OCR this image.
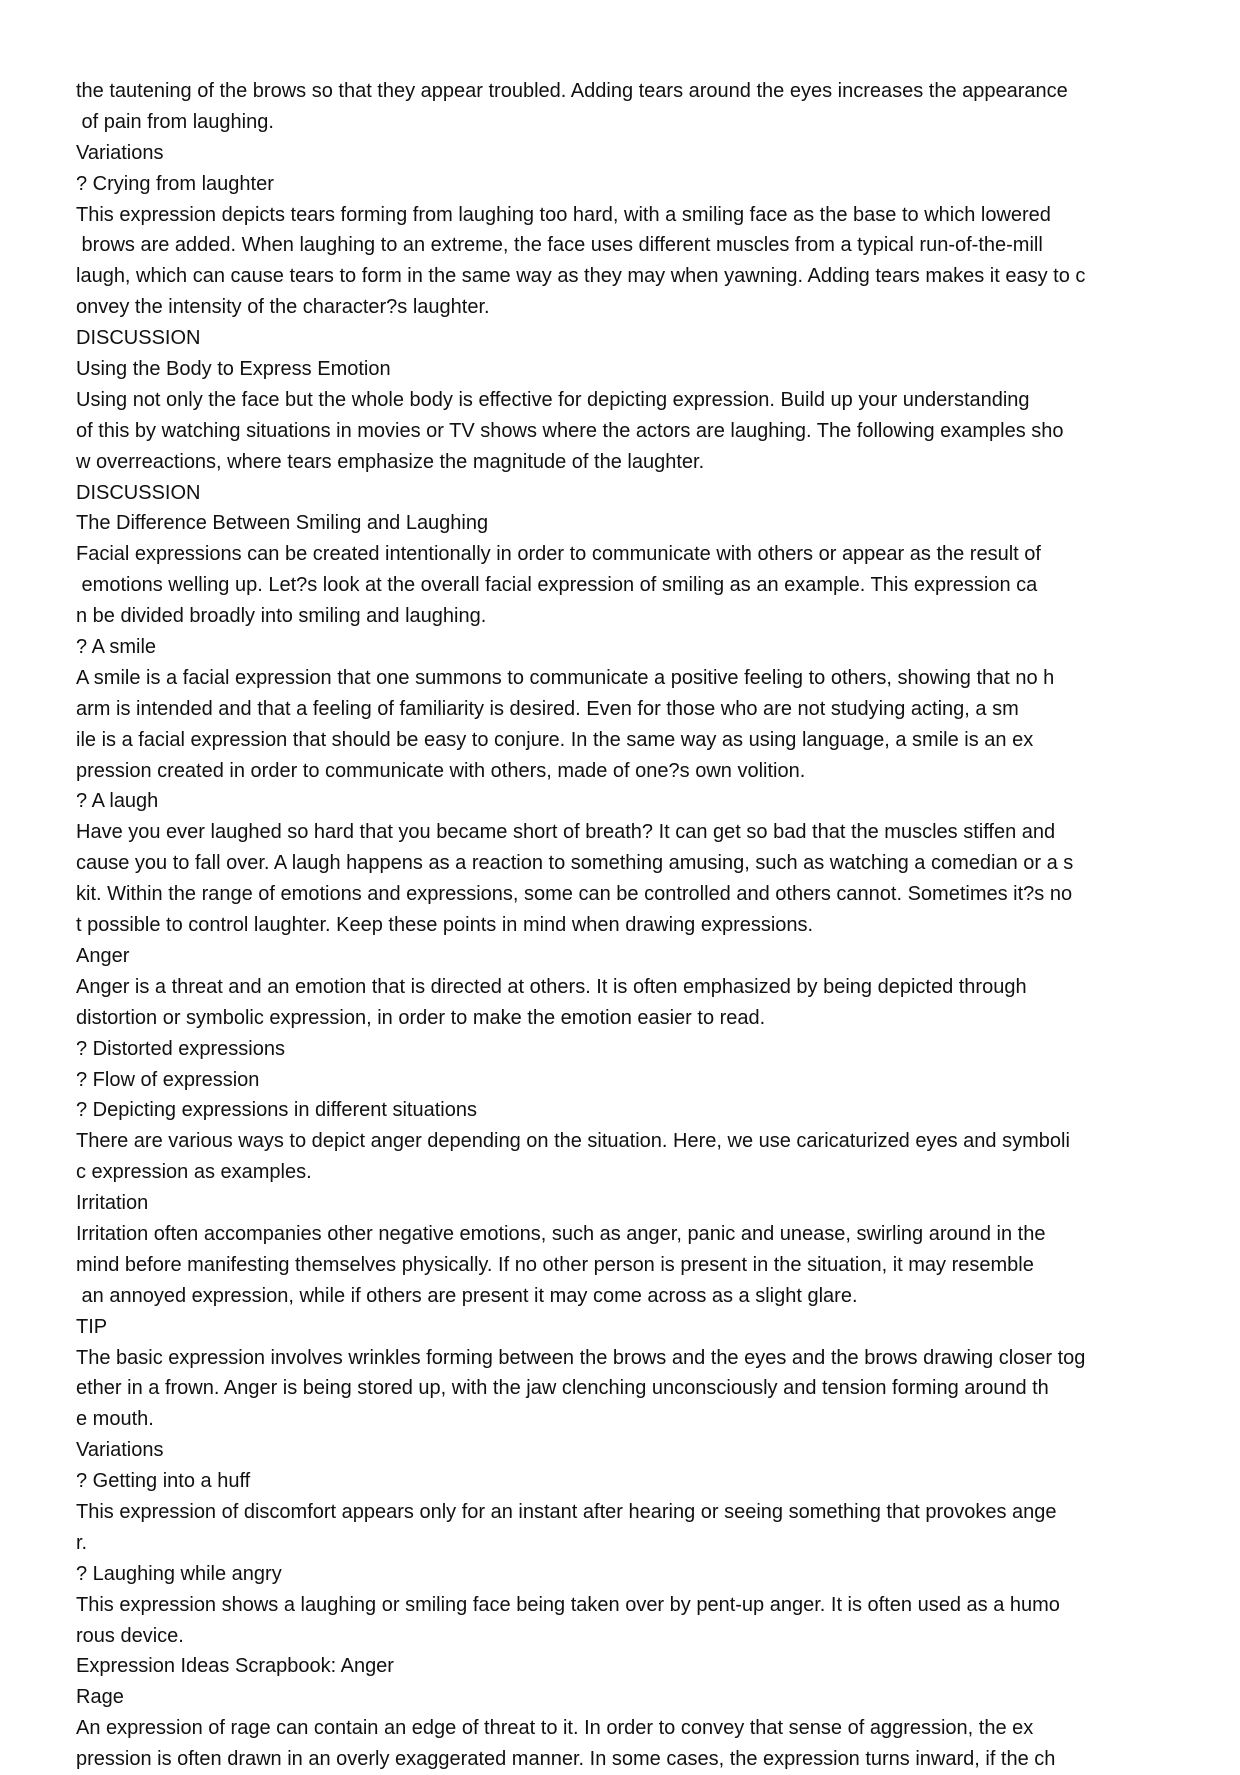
the tautening of the brows so that they appear troubled. Adding tears around the eyes increases the appearance
of pain from laughing.
Variations
? Crying from laughter
This expression depicts tears forming from laughing too hard, with a smiling face as the base to which lowered
brows are added. When laughing to an extreme, the face uses different muscles from a typical run-of-the-mill
laugh, which can cause tears to form in the same way as they may when yawning. Adding tears makes it easy to c
onvey the intensity of the character?s laughter.
DISCUSSION
Using the Body to Express Emotion
Using not only the face but the whole body is effective for depicting expression. Build up your understanding
of this by watching situations in movies or TV shows where the actors are laughing. The following examples sho
w overreactions, where tears emphasize the magnitude of the laughter.
DISCUSSION
The Difference Between Smiling and Laughing
Facial expressions can be created intentionally in order to communicate with others or appear as the result of
emotions welling up. Let?s look at the overall facial expression of smiling as an example. This expression ca
n be divided broadly into smiling and laughing.
? A smile
A smile is a facial expression that one summons to communicate a positive feeling to others, showing that no h
arm is intended and that a feeling of familiarity is desired. Even for those who are not studying acting, a sm
ile is a facial expression that should be easy to conjure. In the same way as using language, a smile is an ex
pression created in order to communicate with others, made of one?s own volition.
? A laugh
Have you ever laughed so hard that you became short of breath? It can get so bad that the muscles stiffen and
cause you to fall over. A laugh happens as a reaction to something amusing, such as watching a comedian or a s
kit. Within the range of emotions and expressions, some can be controlled and others cannot. Sometimes it?s no
t possible to control laughter. Keep these points in mind when drawing expressions.
Anger
Anger is a threat and an emotion that is directed at others. It is often emphasized by being depicted through
distortion or symbolic expression, in order to make the emotion easier to read.
? Distorted expressions
? Flow of expression
? Depicting expressions in different situations
There are various ways to depict anger depending on the situation. Here, we use caricaturized eyes and symboli
c expression as examples.
Irritation
Irritation often accompanies other negative emotions, such as anger, panic and unease, swirling around in the
mind before manifesting themselves physically. If no other person is present in the situation, it may resemble
an annoyed expression, while if others are present it may come across as a slight glare.
TIP
The basic expression involves wrinkles forming between the brows and the eyes and the brows drawing closer tog
ether in a frown. Anger is being stored up, with the jaw clenching unconsciously and tension forming around th
e mouth.
Variations
? Getting into a huff
This expression of discomfort appears only for an instant after hearing or seeing something that provokes ange
r.
? Laughing while angry
This expression shows a laughing or smiling face being taken over by pent-up anger. It is often used as a humo
rous device.
Expression Ideas Scrapbook: Anger
Rage
An expression of rage can contain an edge of threat to it. In order to convey that sense of aggression, the ex
pression is often drawn in an overly exaggerated manner. In some cases, the expression turns inward, if the ch
